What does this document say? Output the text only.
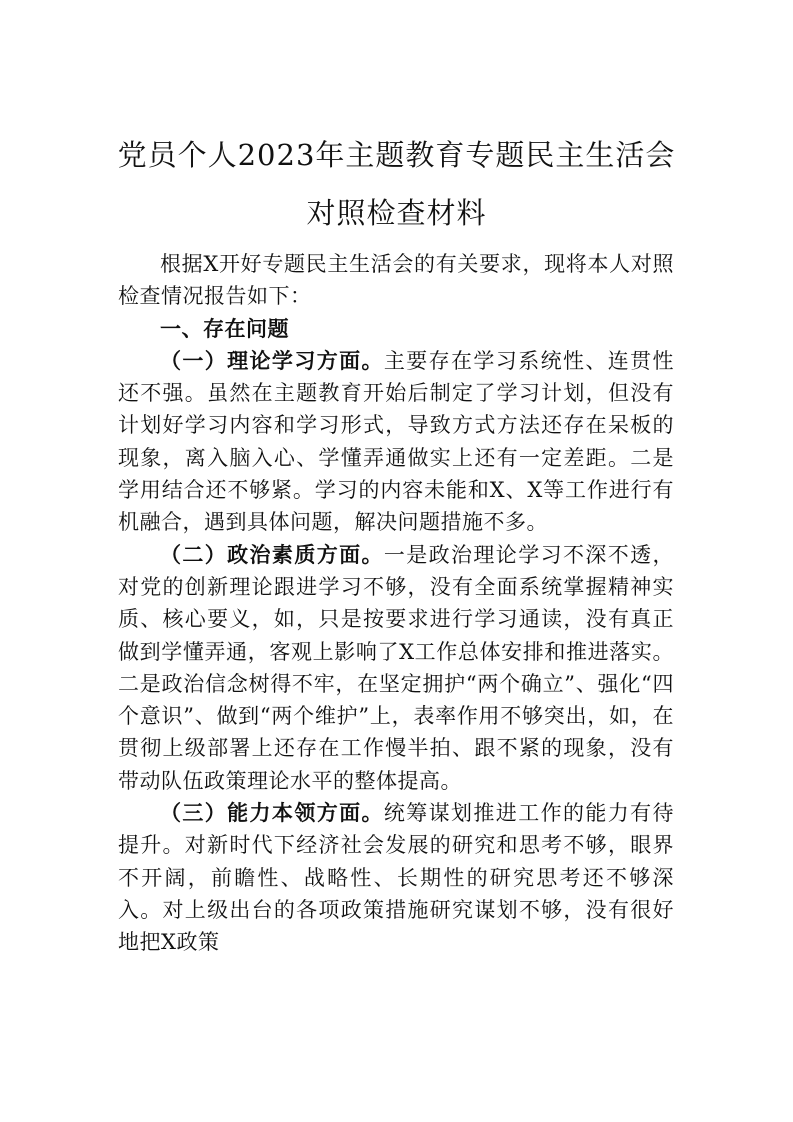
党员个人2023年主题教育专题民主生活会
对照检查材料

根据X开好专题民主生活会的有关要求，现将本人对照检查情况报告如下：

一、存在问题

（一）理论学习方面。主要存在学习系统性、连贯性还不强。虽然在主题教育开始后制定了学习计划，但没有计划好学习内容和学习形式，导致方式方法还存在呆板的现象，离入脑入心、学懂弄通做实上还有一定差距。二是学用结合还不够紧。学习的内容未能和X、X等工作进行有机融合，遇到具体问题，解决问题措施不多。

（二）政治素质方面。一是政治理论学习不深不透，对党的创新理论跟进学习不够，没有全面系统掌握精神实质、核心要义，如，只是按要求进行学习通读，没有真正做到学懂弄通，客观上影响了X工作总体安排和推进落实。二是政治信念树得不牢，在坚定拥护“两个确立”、强化“四个意识”、做到“两个维护”上，表率作用不够突出，如，在贯彻上级部署上还存在工作慢半拍、跟不紧的现象，没有带动队伍政策理论水平的整体提高。

（三）能力本领方面。统筹谋划推进工作的能力有待提升。对新时代下经济社会发展的研究和思考不够，眼界不开阔，前瞻性、战略性、长期性的研究思考还不够深入。对上级出台的各项政策措施研究谋划不够，没有很好地把X政策
